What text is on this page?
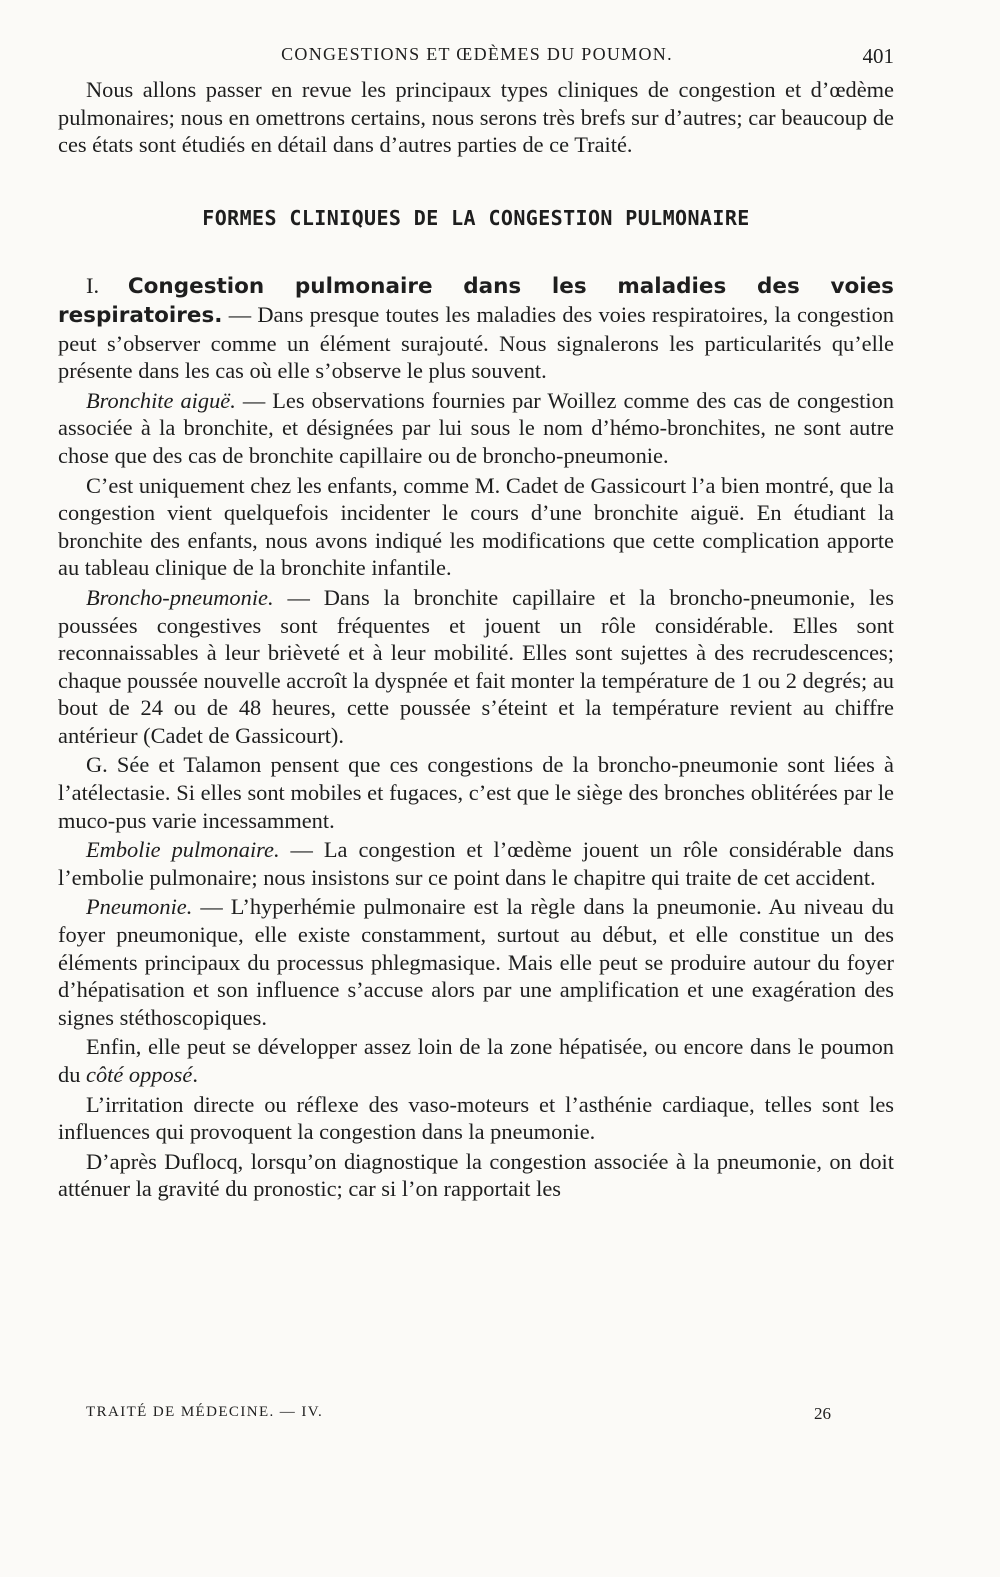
CONGESTIONS ET ŒDÈMES DU POUMON.	401

Nous allons passer en revue les principaux types cliniques de congestion et d’œdème pulmonaires; nous en omettrons certains, nous serons très brefs sur d’autres; car beaucoup de ces états sont étudiés en détail dans d’autres parties de ce Traité.

FORMES CLINIQUES DE LA CONGESTION PULMONAIRE

I. Congestion pulmonaire dans les maladies des voies respiratoires. — Dans presque toutes les maladies des voies respiratoires, la congestion peut s’observer comme un élément surajouté. Nous signalerons les particularités qu’elle présente dans les cas où elle s’observe le plus souvent.

Bronchite aiguë. — Les observations fournies par Woillez comme des cas de congestion associée à la bronchite, et désignées par lui sous le nom d’hémo-bronchites, ne sont autre chose que des cas de bronchite capillaire ou de broncho-pneumonie.

C’est uniquement chez les enfants, comme M. Cadet de Gassicourt l’a bien montré, que la congestion vient quelquefois incidenter le cours d’une bronchite aiguë. En étudiant la bronchite des enfants, nous avons indiqué les modifications que cette complication apporte au tableau clinique de la bronchite infantile.

Broncho-pneumonie. — Dans la bronchite capillaire et la broncho-pneumonie, les poussées congestives sont fréquentes et jouent un rôle considérable. Elles sont reconnaissables à leur brièveté et à leur mobilité. Elles sont sujettes à des recrudescences; chaque poussée nouvelle accroît la dyspnée et fait monter la température de 1 ou 2 degrés; au bout de 24 ou de 48 heures, cette poussée s’éteint et la température revient au chiffre antérieur (Cadet de Gassicourt).

G. Sée et Talamon pensent que ces congestions de la broncho-pneumonie sont liées à l’atélectasie. Si elles sont mobiles et fugaces, c’est que le siège des bronches oblitérées par le muco-pus varie incessamment.

Embolie pulmonaire. — La congestion et l’œdème jouent un rôle considérable dans l’embolie pulmonaire; nous insistons sur ce point dans le chapitre qui traite de cet accident.

Pneumonie. — L’hyperhémie pulmonaire est la règle dans la pneumonie. Au niveau du foyer pneumonique, elle existe constamment, surtout au début, et elle constitue un des éléments principaux du processus phlegmasique. Mais elle peut se produire autour du foyer d’hépatisation et son influence s’accuse alors par une amplification et une exagération des signes stéthoscopiques.

Enfin, elle peut se développer assez loin de la zone hépatisée, ou encore dans le poumon du côté opposé.

L’irritation directe ou réflexe des vaso-moteurs et l’asthénie cardiaque, telles sont les influences qui provoquent la congestion dans la pneumonie.

D’après Duflocq, lorsqu’on diagnostique la congestion associée à la pneumonie, on doit atténuer la gravité du pronostic; car si l’on rapportait les

TRAITÉ DE MÉDECINE. — IV.	26
